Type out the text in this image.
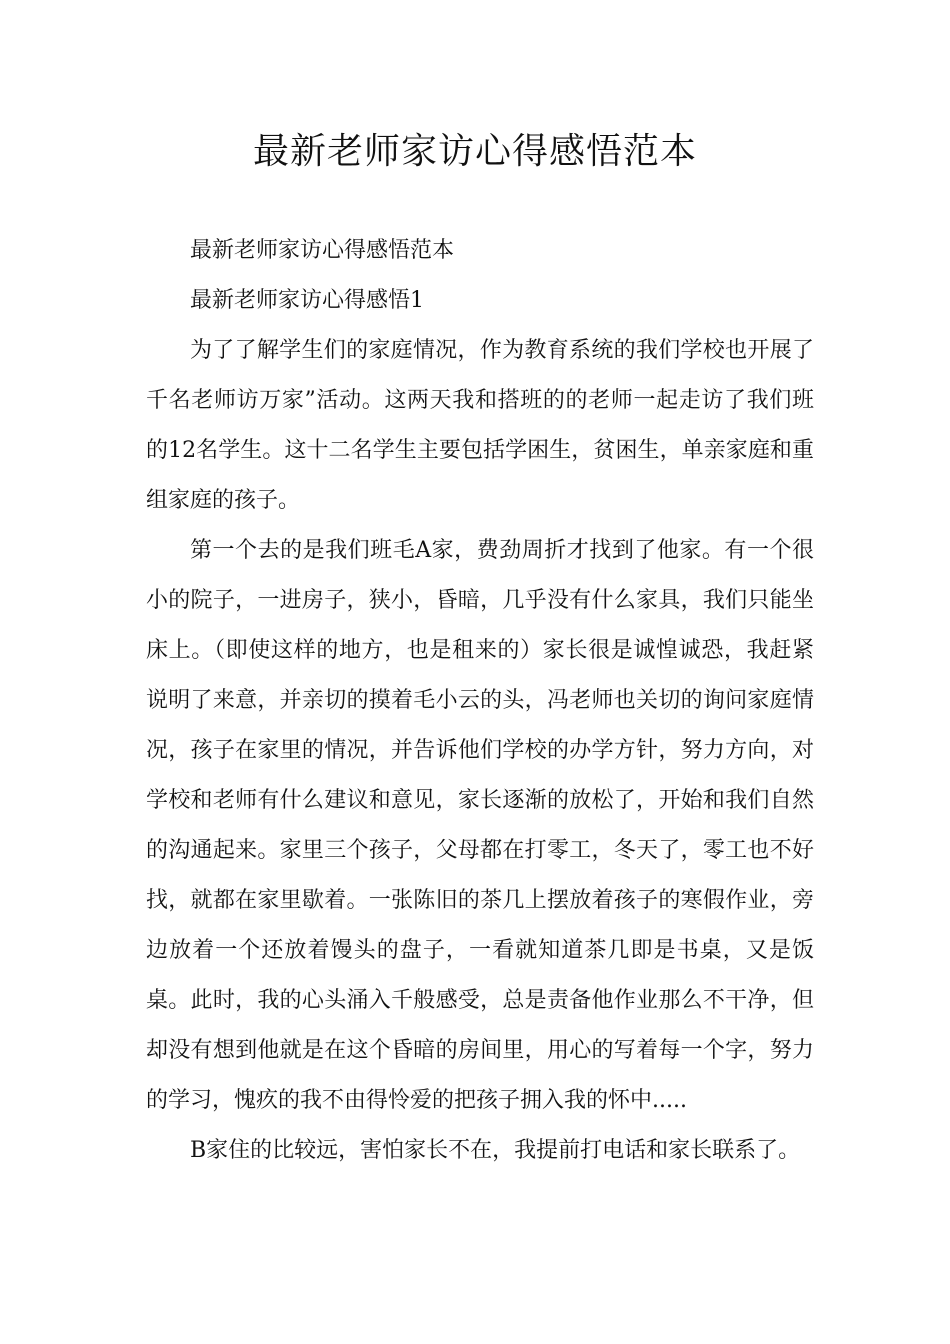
最新老师家访心得感悟范本

最新老师家访心得感悟范本

最新老师家访心得感悟1

为了了解学生们的家庭情况，作为教育系统的我们学校也开展了千名老师访万家”活动。这两天我和搭班的的老师一起走访了我们班的12名学生。这十二名学生主要包括学困生，贫困生，单亲家庭和重组家庭的孩子。

第一个去的是我们班毛A家，费劲周折才找到了他家。有一个很小的院子，一进房子，狭小，昏暗，几乎没有什么家具，我们只能坐床上。（即使这样的地方，也是租来的）家长很是诚惶诚恐，我赶紧说明了来意，并亲切的摸着毛小云的头，冯老师也关切的询问家庭情况，孩子在家里的情况，并告诉他们学校的办学方针，努力方向，对学校和老师有什么建议和意见，家长逐渐的放松了，开始和我们自然的沟通起来。家里三个孩子，父母都在打零工，冬天了，零工也不好找，就都在家里歇着。一张陈旧的茶几上摆放着孩子的寒假作业，旁边放着一个还放着馒头的盘子，一看就知道茶几即是书桌，又是饭桌。此时，我的心头涌入千般感受，总是责备他作业那么不干净，但却没有想到他就是在这个昏暗的房间里，用心的写着每一个字，努力的学习，愧疚的我不由得怜爱的把孩子拥入我的怀中.....

B家住的比较远，害怕家长不在，我提前打电话和家长联系了。
